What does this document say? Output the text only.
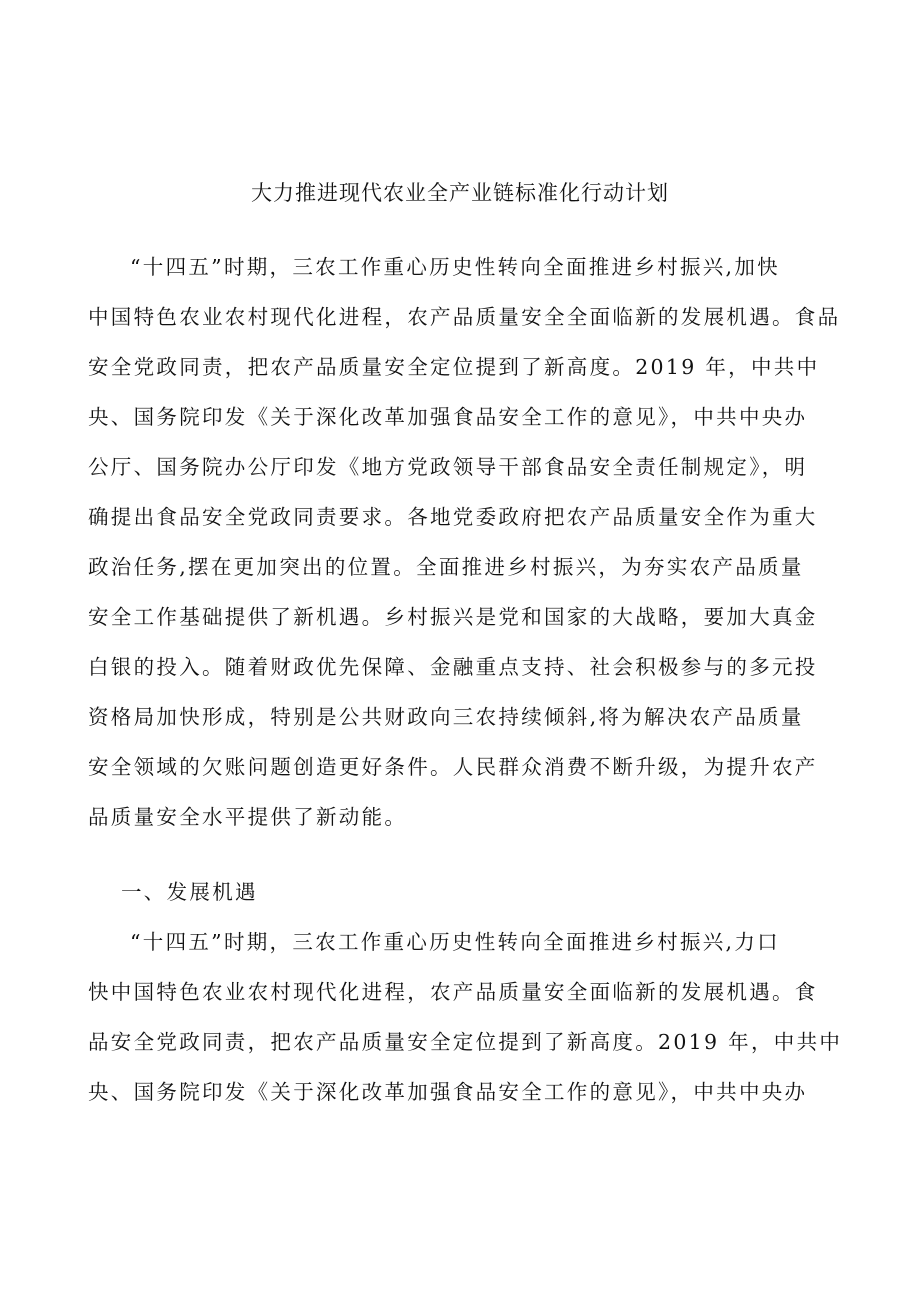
大力推进现代农业全产业链标准化行动计划
“十四五”时期，三农工作重心历史性转向全面推进乡村振兴,加快
中国特色农业农村现代化进程，农产品质量安全全面临新的发展机遇。食品
安全党政同责，把农产品质量安全定位提到了新高度。2019 年，中共中
央、国务院印发《关于深化改革加强食品安全工作的意见》，中共中央办
公厅、国务院办公厅印发《地方党政领导干部食品安全责任制规定》，明
确提出食品安全党政同责要求。各地党委政府把农产品质量安全作为重大
政治任务,摆在更加突出的位置。全面推进乡村振兴，为夯实农产品质量
安全工作基础提供了新机遇。乡村振兴是党和国家的大战略，要加大真金
白银的投入。随着财政优先保障、金融重点支持、社会积极参与的多元投
资格局加快形成，特别是公共财政向三农持续倾斜,将为解决农产品质量
安全领域的欠账问题创造更好条件。人民群众消费不断升级，为提升农产
品质量安全水平提供了新动能。
一、发展机遇
“十四五”时期，三农工作重心历史性转向全面推进乡村振兴,力口
快中国特色农业农村现代化进程，农产品质量安全面临新的发展机遇。食
品安全党政同责，把农产品质量安全定位提到了新高度。2019 年，中共中
央、国务院印发《关于深化改革加强食品安全工作的意见》，中共中央办
